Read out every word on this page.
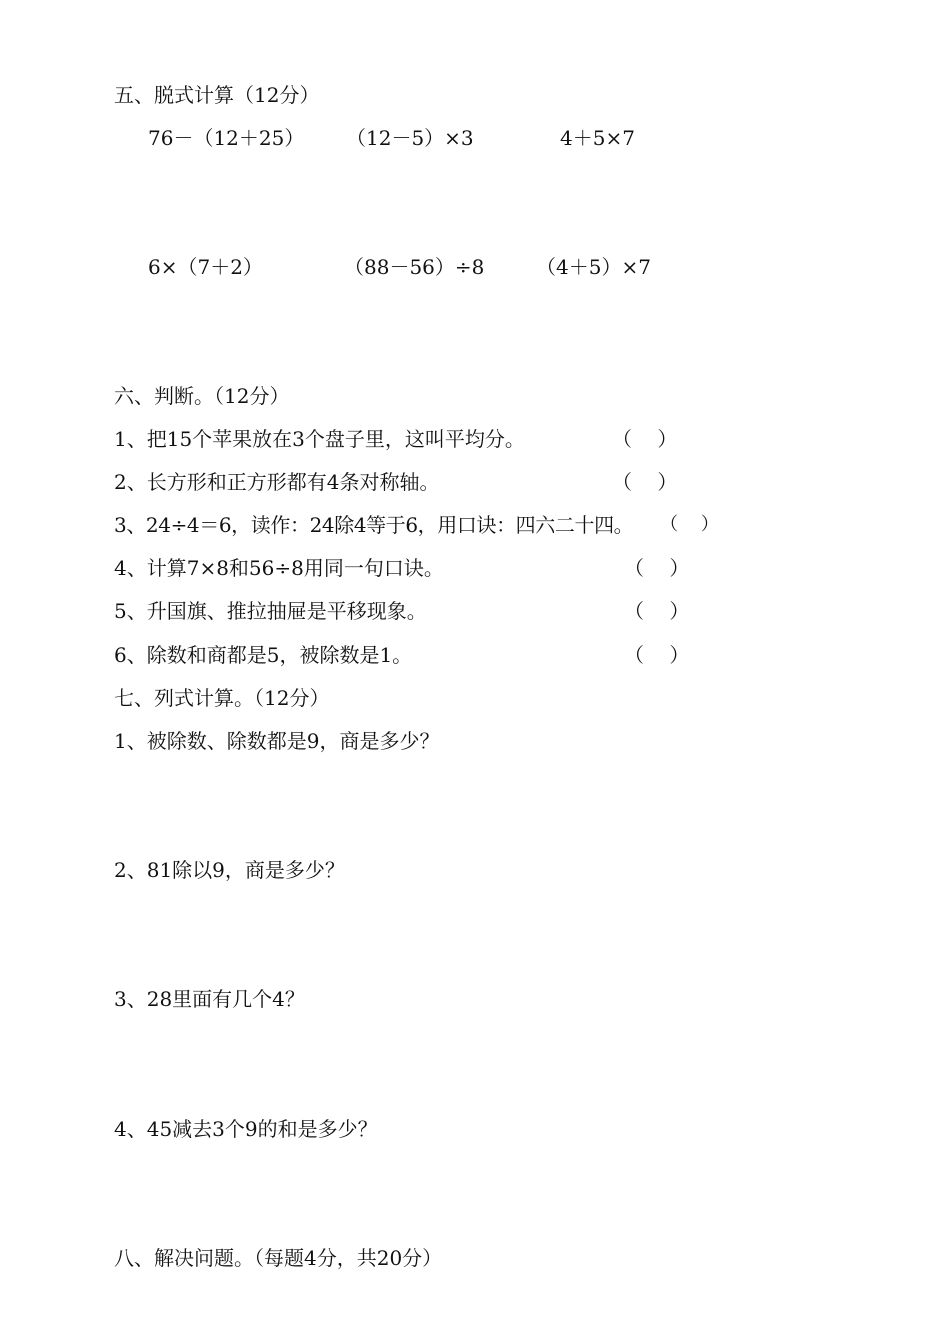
五、脱式计算（12分）
76－（12＋25） （12－5）×3	4＋5×7
6×（7＋2）	（88－56）÷8	（4＋5）×7
六、判断。（12分）
1、把15个苹果放在3个盘子里，这叫平均分。	（    ）
2、长方形和正方形都有4条对称轴。	（    ）
3、24÷4＝6，读作：24除4等于6，用口诀：四六二十四。 （    ）
4、计算7×8和56÷8用同一句口诀。	（    ）
5、升国旗、推拉抽屉是平移现象。	（    ）
6、除数和商都是5，被除数是1。	（    ）
七、列式计算。（12分）
1、被除数、除数都是9，商是多少？
2、81除以9，商是多少？
3、28里面有几个4？
4、45减去3个9的和是多少？
八、解决问题。（每题4分，共20分）
